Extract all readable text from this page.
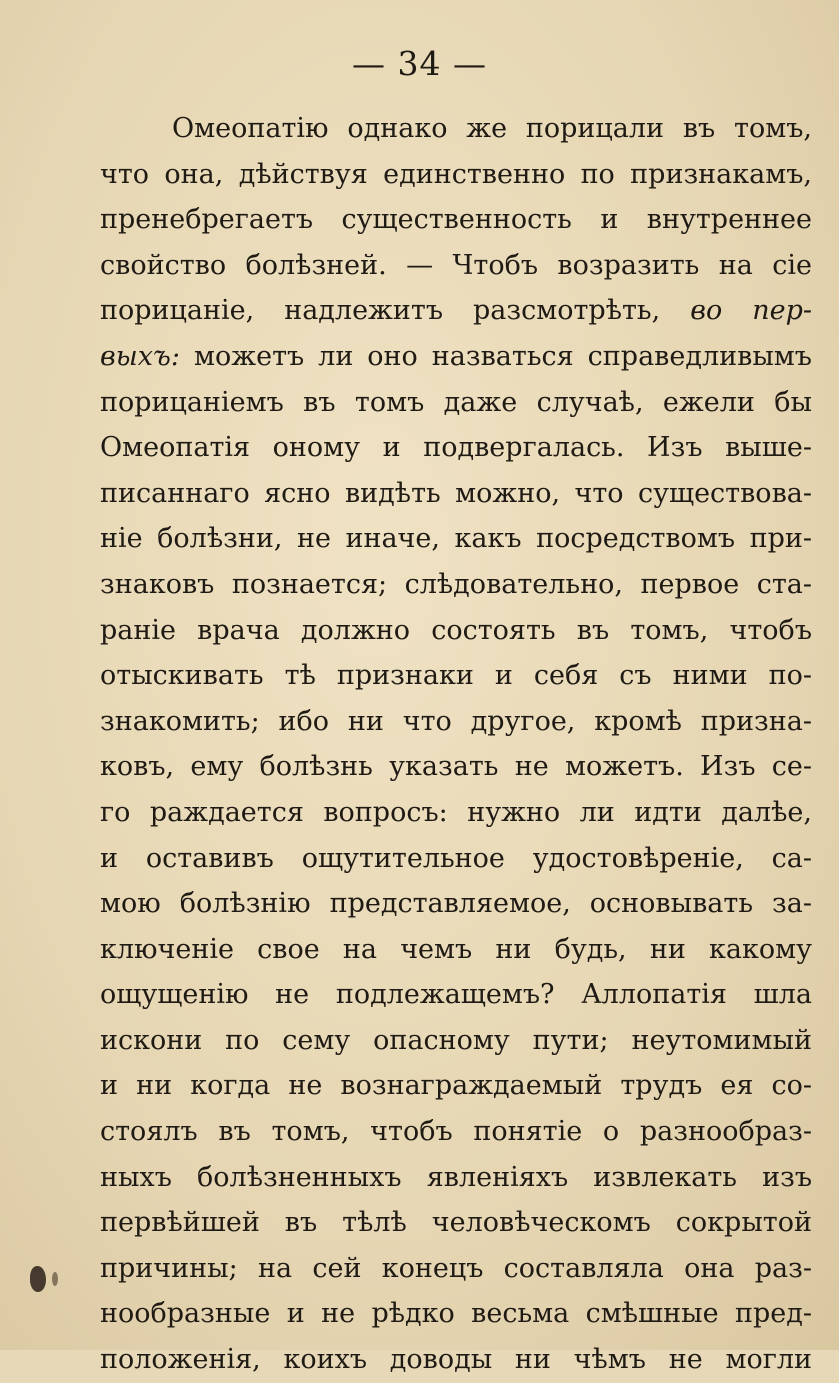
— 34 —
Омеопатію однако же порицали въ томъ,
что она, дѣйствуя единственно по признакамъ,
пренебрегаетъ существенность и внутреннее
свойство болѣзней. — Чтобъ возразить на сіе
порицаніе, надлежитъ разсмотрѣть, во пер-
выхъ: можетъ ли оно назваться справедливымъ
порицаніемъ въ томъ даже случаѣ, ежели бы
Омеопатія оному и подвергалась. Изъ выше-
писаннаго ясно видѣть можно, что существова-
ніе болѣзни, не иначе, какъ посредствомъ при-
знаковъ познается; слѣдовательно, первое ста-
раніе врача должно состоять въ томъ, чтобъ
отыскивать тѣ признаки и себя съ ними по-
знакомить; ибо ни что другое, кромѣ призна-
ковъ, ему болѣзнь указать не можетъ. Изъ се-
го раждается вопросъ: нужно ли идти далѣе,
и оставивъ ощутительное удостовѣреніе, са-
мою болѣзнію представляемое, основывать за-
ключеніе свое на чемъ ни будь, ни какому
ощущенію не подлежащемъ? Аллопатія шла
искони по сему опасному пути; неутомимый
и ни когда не вознаграждаемый трудъ ея со-
стоялъ въ томъ, чтобъ понятіе о разнообраз-
ныхъ болѣзненныхъ явленіяхъ извлекать изъ
первѣйшей въ тѣлѣ человѣческомъ сокрытой
причины; на сей конецъ составляла она раз-
нообразные и не рѣдко весьма смѣшные пред-
положенія, коихъ доводы ни чѣмъ не могли
